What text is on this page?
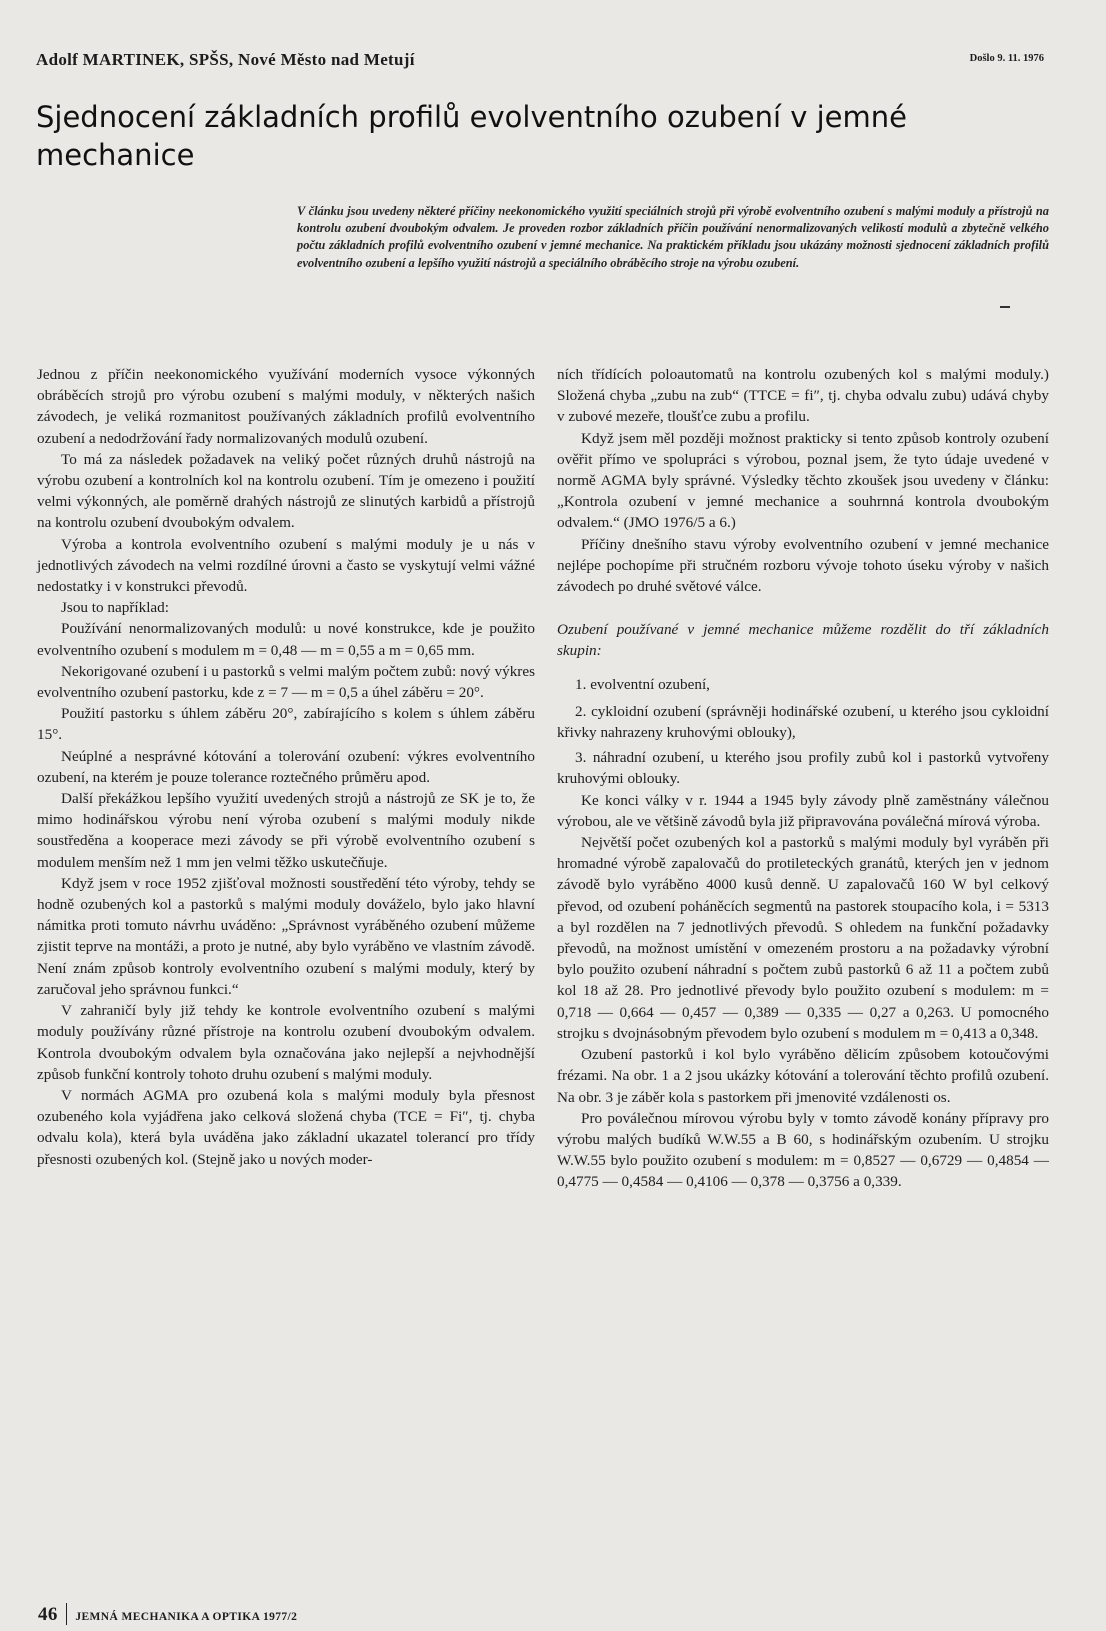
Adolf MARTINEK, SPŠS, Nové Město nad Metují	Došlo 9. 11. 1976
Sjednocení základních profilů evolventního ozubení v jemné mechanice
V článku jsou uvedeny některé příčiny neekonomického využití speciálních strojů při výrobě evolventního ozubení s malými moduly a přístrojů na kontrolu ozubení dvoubokým odvalem. Je proveden rozbor základních příčin používání nenormalizovaných velikostí modulů a zbytečně velkého počtu základních profilů evolventního ozubení v jemné mechanice. Na praktickém příkladu jsou ukázány možnosti sjednocení základních profilů evolventního ozubení a lepšího využití nástrojů a speciálního obráběcího stroje na výrobu ozubení.

Jednou z příčin neekonomického využívání moderních vysoce výkonných obráběcích strojů pro výrobu ozubení s malými moduly, v některých našich závodech, je veliká rozmanitost používaných základních profilů evolventního ozubení a nedodržování řady normalizovaných modulů ozubení.

To má za následek požadavek na veliký počet různých druhů nástrojů na výrobu ozubení a kontrolních kol na kontrolu ozubení. Tím je omezeno i použití velmi výkonných, ale poměrně drahých nástrojů ze slinutých karbidů a přístrojů na kontrolu ozubení dvoubokým odvalem.

Výroba a kontrola evolventního ozubení s malými moduly je u nás v jednotlivých závodech na velmi rozdílné úrovni a často se vyskytují velmi vážné nedostatky i v konstrukci převodů.

Jsou to například:

Používání nenormalizovaných modulů: u nové konstrukce, kde je použito evolventního ozubení s modulem m = 0,48 — m = 0,55 a m = 0,65 mm.

Nekorigované ozubení i u pastorků s velmi malým počtem zubů: nový výkres evolventního ozubení pastorku, kde z = 7 — m = 0,5 a úhel záběru = 20°.

Použití pastorku s úhlem záběru 20°, zabírajícího s kolem s úhlem záběru 15°.

Neúplné a nesprávné kótování a tolerování ozubení: výkres evolventního ozubení, na kterém je pouze tolerance roztečného průměru apod.

Další překážkou lepšího využití uvedených strojů a nástrojů ze SK je to, že mimo hodinářskou výrobu není výroba ozubení s malými moduly nikde soustředěna a kooperace mezi závody se při výrobě evolventního ozubení s modulem menším než 1 mm jen velmi těžko uskutečňuje.

Když jsem v roce 1952 zjišťoval možnosti soustředění této výroby, tehdy se hodně ozubených kol a pastorků s malými moduly dováželo, bylo jako hlavní námitka proti tomuto návrhu uváděno: „Správnost vyráběného ozubení můžeme zjistit teprve na montáži, a proto je nutné, aby bylo vyráběno ve vlastním závodě. Není znám způsob kontroly evolventního ozubení s malými moduly, který by zaručoval jeho správnou funkci.“

V zahraničí byly již tehdy ke kontrole evolventního ozubení s malými moduly používány různé přístroje na kontrolu ozubení dvoubokým odvalem. Kontrola dvoubokým odvalem byla označována jako nejlepší a nejvhodnější způsob funkční kontroly tohoto druhu ozubení s malými moduly.

V normách AGMA pro ozubená kola s malými moduly byla přesnost ozubeného kola vyjádřena jako celková složená chyba (TCE = Fi″, tj. chyba odvalu kola), která byla uváděna jako základní ukazatel tolerancí pro třídy přesnosti ozubených kol. (Stejně jako u nových moder-

ních třídících poloautomatů na kontrolu ozubených kol s malými moduly.) Složená chyba „zubu na zub“ (TTCE = fi″, tj. chyba odvalu zubu) udává chyby v zubové mezeře, tloušťce zubu a profilu.

Když jsem měl později možnost prakticky si tento způsob kontroly ozubení ověřit přímo ve spolupráci s výrobou, poznal jsem, že tyto údaje uvedené v normě AGMA byly správné. Výsledky těchto zkoušek jsou uvedeny v článku: „Kontrola ozubení v jemné mechanice a souhrnná kontrola dvoubokým odvalem.“ (JMO 1976/5 a 6.)

Příčiny dnešního stavu výroby evolventního ozubení v jemné mechanice nejlépe pochopíme při stručném rozboru vývoje tohoto úseku výroby v našich závodech po druhé světové válce.

Ozubení používané v jemné mechanice můžeme rozdělit do tří základních skupin:

1. evolventní ozubení,

2. cykloidní ozubení (správněji hodinářské ozubení, u kterého jsou cykloidní křivky nahrazeny kruhovými oblouky),

3. náhradní ozubení, u kterého jsou profily zubů kol i pastorků vytvořeny kruhovými oblouky.

Ke konci války v r. 1944 a 1945 byly závody plně zaměstnány válečnou výrobou, ale ve většině závodů byla již připravována poválečná mírová výroba.

Největší počet ozubených kol a pastorků s malými moduly byl vyráběn při hromadné výrobě zapalovačů do protileteckých granátů, kterých jen v jednom závodě bylo vyráběno 4000 kusů denně. U zapalovačů 160 W byl celkový převod, od ozubení poháněcích segmentů na pastorek stoupacího kola, i = 5313 a byl rozdělen na 7 jednotlivých převodů. S ohledem na funkční požadavky převodů, na možnost umístění v omezeném prostoru a na požadavky výrobní bylo použito ozubení náhradní s počtem zubů pastorků 6 až 11 a počtem zubů kol 18 až 28. Pro jednotlivé převody bylo použito ozubení s modulem: m = 0,718 — 0,664 — 0,457 — 0,389 — 0,335 — 0,27 a 0,263. U pomocného strojku s dvojnásobným převodem bylo ozubení s modulem m = 0,413 a 0,348.

Ozubení pastorků i kol bylo vyráběno dělicím způsobem kotoučovými frézami. Na obr. 1 a 2 jsou ukázky kótování a tolerování těchto profilů ozubení. Na obr. 3 je záběr kola s pastorkem při jmenovité vzdálenosti os.

Pro poválečnou mírovou výrobu byly v tomto závodě konány přípravy pro výrobu malých budíků W.W.55 a B 60, s hodinářským ozubením. U strojku W.W.55 bylo použito ozubení s modulem: m = 0,8527 — 0,6729 — 0,4854 — 0,4775 — 0,4584 — 0,4106 — 0,378 — 0,3756 a 0,339.

46 JEMNÁ MECHANIKA A OPTIKA 1977/2
